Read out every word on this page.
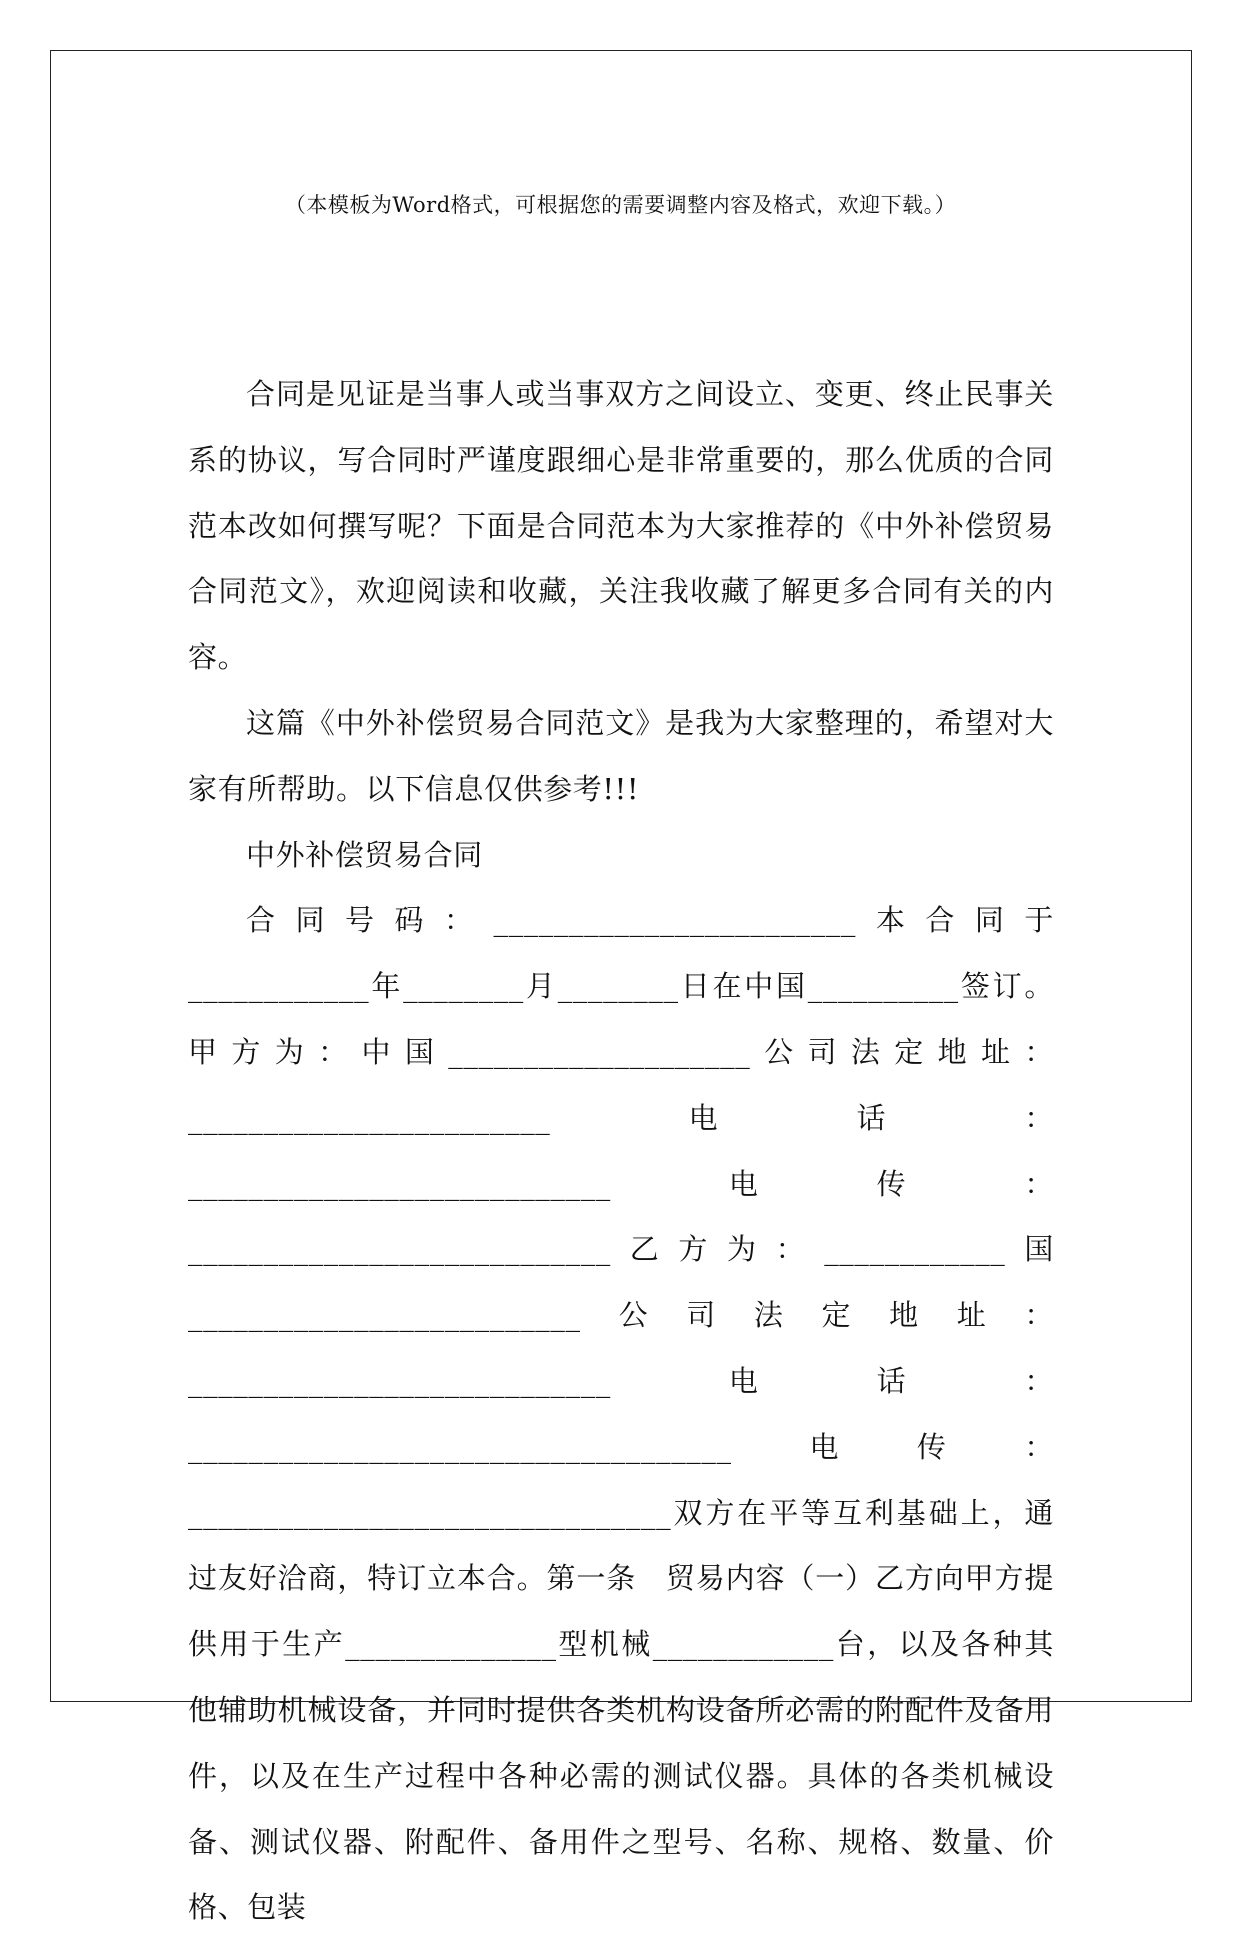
（本模板为Word格式，可根据您的需要调整内容及格式，欢迎下载。）

合同是见证是当事人或当事双方之间设立、变更、终止民事关系的协议，写合同时严谨度跟细心是非常重要的，那么优质的合同范本改如何撰写呢？下面是合同范本为大家推荐的《中外补偿贸易合同范文》，欢迎阅读和收藏，关注我收藏了解更多合同有关的内容。

这篇《中外补偿贸易合同范文》是我为大家整理的，希望对大家有所帮助。以下信息仅供参考!!!

中外补偿贸易合同

合同号码：________________________本合同于____________年________月________日在中国__________签订。甲方为：中国____________________公司法定地址：________________________电话：____________________________电传：____________________________乙方为：____________国__________________________公司法定地址：____________________________电话：____________________________________电传：________________________________双方在平等互利基础上，通过友好洽商，特订立本合。第一条　贸易内容（一）乙方向甲方提供用于生产______________型机械____________台，以及各种其他辅助机械设备，并同时提供各类机构设备所必需的附配件及备用件，以及在生产过程中各种必需的测试仪器。具体的各类机械设备、测试仪器、附配件、备用件之型号、名称、规格、数量、价格、包装
